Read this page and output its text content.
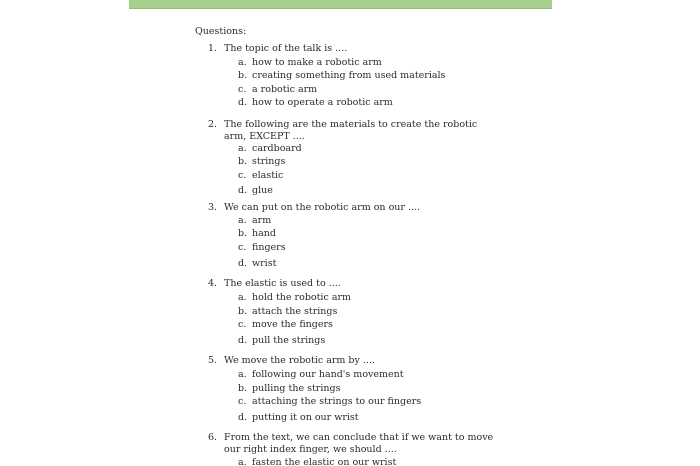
Questions:
1. The topic of the talk is ....
a. how to make a robotic arm
b. creating something from used materials
c. a robotic arm
d. how to operate a robotic arm
2. The following are the materials to create the robotic arm, EXCEPT ....
a. cardboard
b. strings
c. elastic
d. glue
3. We can put on the robotic arm on our ....
a. arm
b. hand
c. fingers
d. wrist
4. The elastic is used to ....
a. hold the robotic arm
b. attach the strings
c. move the fingers
d. pull the strings
5. We move the robotic arm by ....
a. following our hand's movement
b. pulling the strings
c. attaching the strings to our fingers
d. putting it on our wrist
6. From the text, we can conclude that if we want to move our right index finger, we should ....
a. fasten the elastic on our wrist
